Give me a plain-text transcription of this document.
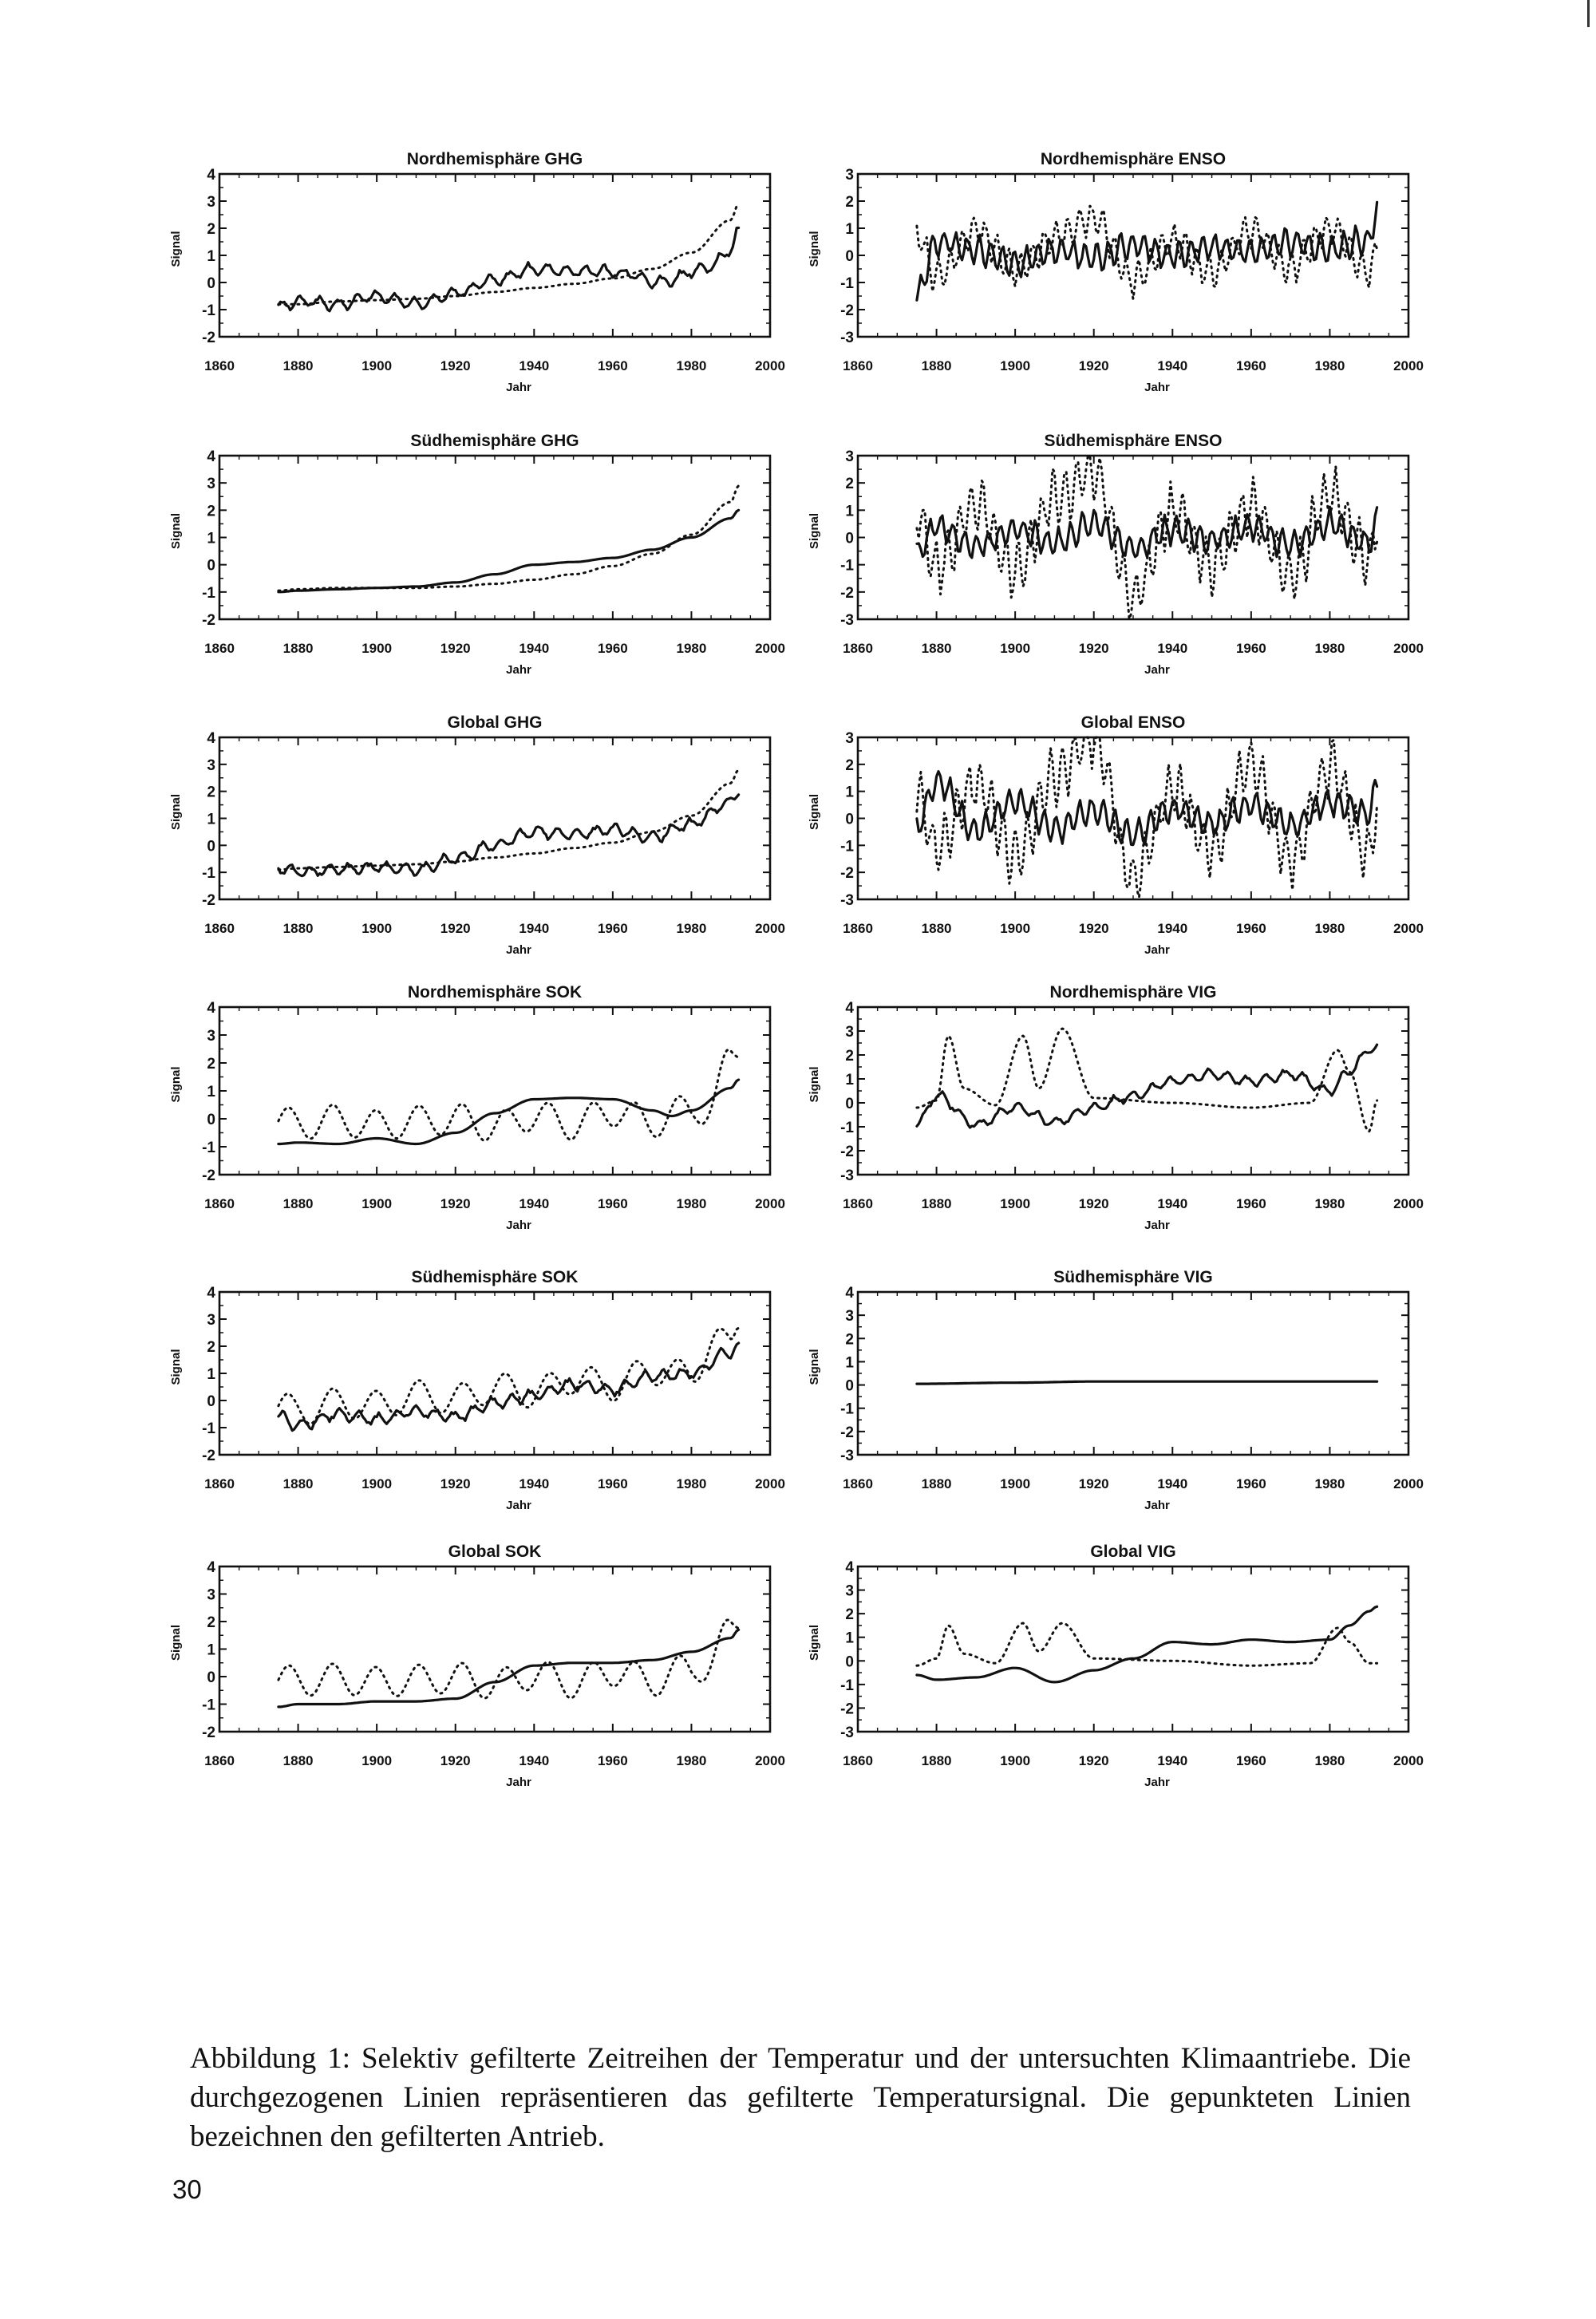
Nordhemisphäre GHG
4
3
2
1
0
-1
-2
Signal
1860	1880	1900	1920	1940	1960	1980	2000
Jahr
Nordhemisphäre ENSO
3
2
1
0
-1
-2
-3
Signal
1860	1880	1900	1920	1940	1960	1980	2000
Jahr
Südhemisphäre GHG
4
3
2
1
0
-1
-2
Signal
1860	1880	1900	1920	1940	1960	1980	2000
Jahr
Südhemisphäre ENSO
3
2
1
0
-1
-2
-3
Signal
1860	1880	1900	1920	1940	1960	1980	2000
Jahr
Global GHG
4
3
2
1
0
-1
-2
Signal
1860	1880	1900	1920	1940	1960	1980	2000
Jahr
Global ENSO
3
2
1
0
-1
-2
-3
Signal
1860	1880	1900	1920	1940	1960	1980	2000
Jahr
Nordhemisphäre SOK
4
3
2
1
0
-1
-2
Signal
1860	1880	1900	1920	1940	1960	1980	2000
Jahr
Nordhemisphäre VIG
4
3
2
1
0
-1
-2
-3
Signal
1860	1880	1900	1920	1940	1960	1980	2000
Jahr
Südhemisphäre SOK
4
3
2
1
0
-1
-2
Signal
1860	1880	1900	1920	1940	1960	1980	2000
Jahr
Südhemisphäre VIG
4
3
2
1
0
-1
-2
-3
Signal
1860	1880	1900	1920	1940	1960	1980	2000
Jahr
Global SOK
4
3
2
1
0
-1
-2
Signal
1860	1880	1900	1920	1940	1960	1980	2000
Jahr
Global VIG
4
3
2
1
0
-1
-2
-3
Signal
1860	1880	1900	1920	1940	1960	1980	2000
Jahr
Abbildung 1: Selektiv gefilterte Zeitreihen der Temperatur und der untersuchten Klimaantriebe. Die durchgezogenen Linien repräsentieren das gefilterte Temperatursignal. Die gepunkteten Linien bezeichnen den gefilterten Antrieb.
30
